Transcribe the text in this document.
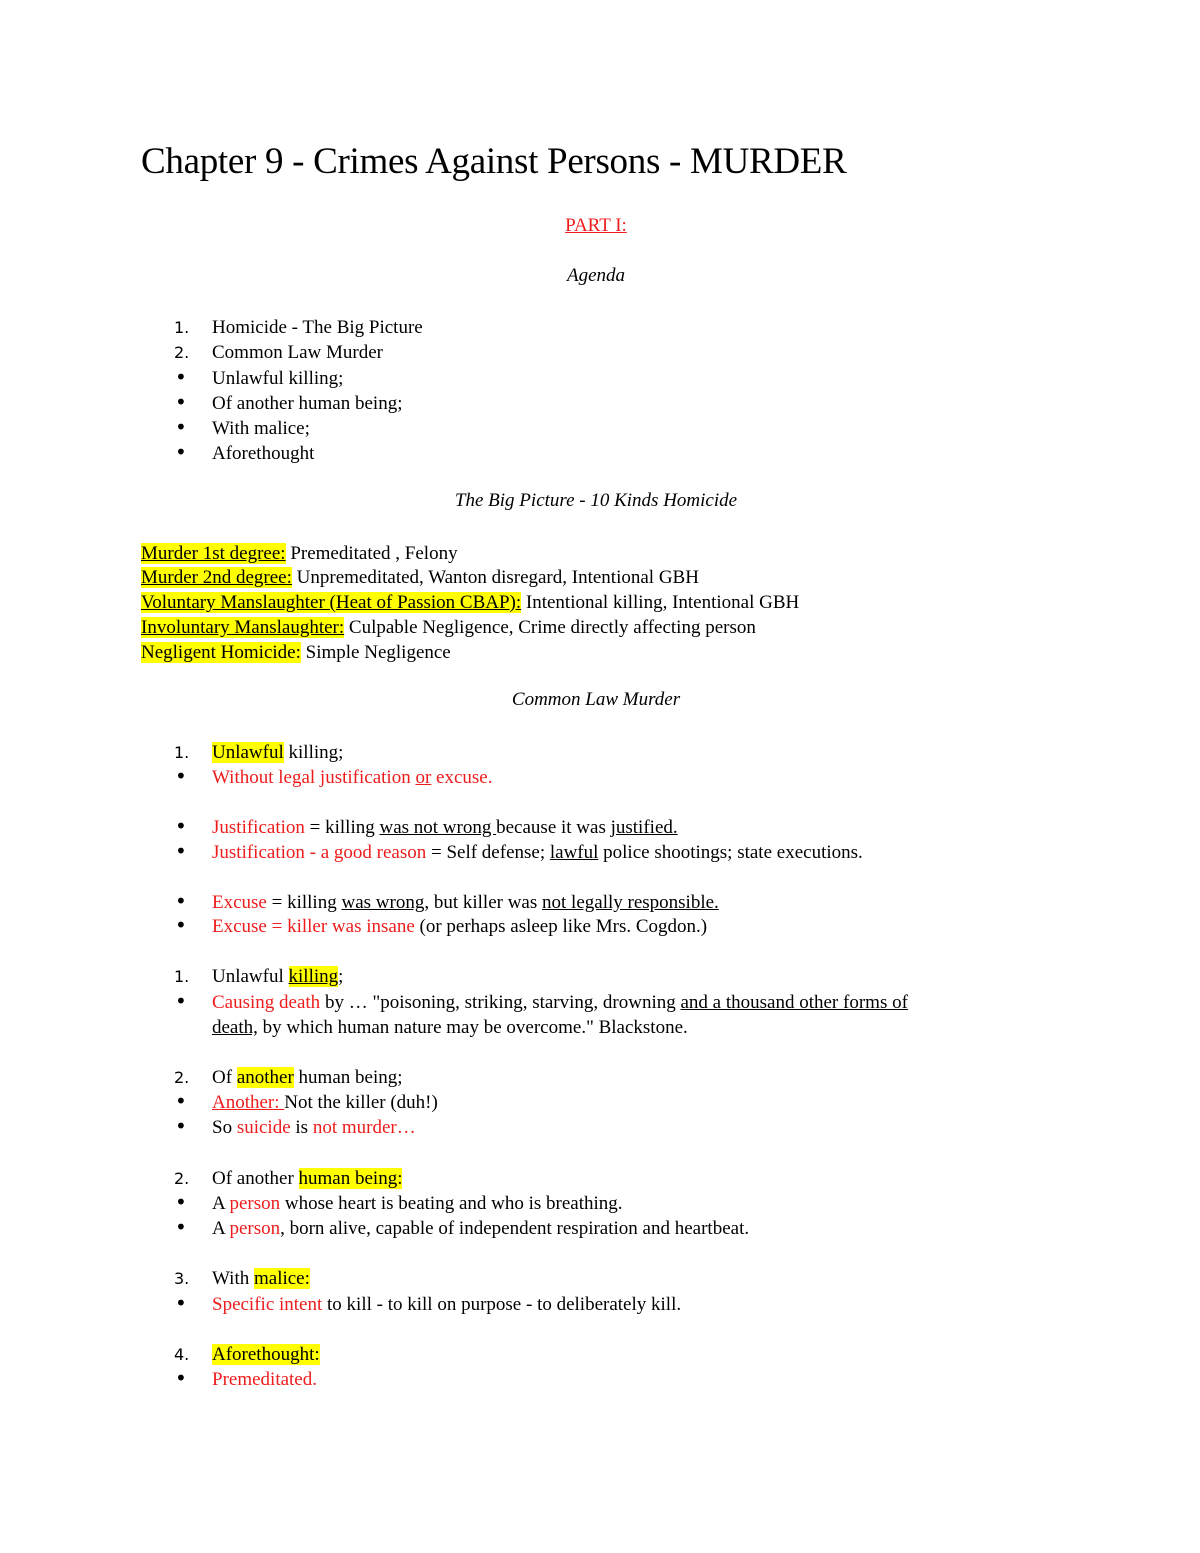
Chapter 9 - Crimes Against Persons - MURDER
PART I:
Agenda
1. Homicide - The Big Picture
2. Common Law Murder
•	Unlawful killing;
•	Of another human being;
•	With malice;
•	Aforethought
The Big Picture - 10 Kinds Homicide
Murder 1st degree: Premeditated , Felony
Murder 2nd degree: Unpremeditated, Wanton disregard, Intentional GBH
Voluntary Manslaughter (Heat of Passion CBAP): Intentional killing, Intentional GBH
Involuntary Manslaughter: Culpable Negligence, Crime directly affecting person
Negligent Homicide: Simple Negligence
Common Law Murder
1. Unlawful killing;
•	Without legal justification or excuse.
•	Justification = killing was not wrong because it was justified.
•	Justification - a good reason = Self defense; lawful police shootings; state executions.
•	Excuse = killing was wrong, but killer was not legally responsible.
•	Excuse = killer was insane (or perhaps asleep like Mrs. Cogdon.)
1. Unlawful killing;
•	Causing death by … "poisoning, striking, starving, drowning and a thousand other forms of
death, by which human nature may be overcome." Blackstone.
2. Of another human being;
•	Another: Not the killer (duh!)
•	So suicide is not murder…
2. Of another human being:
•	A person whose heart is beating and who is breathing.
•	A person, born alive, capable of independent respiration and heartbeat.
3. With malice:
•	Specific intent to kill - to kill on purpose - to deliberately kill.
4. Aforethought:
•	Premeditated.
